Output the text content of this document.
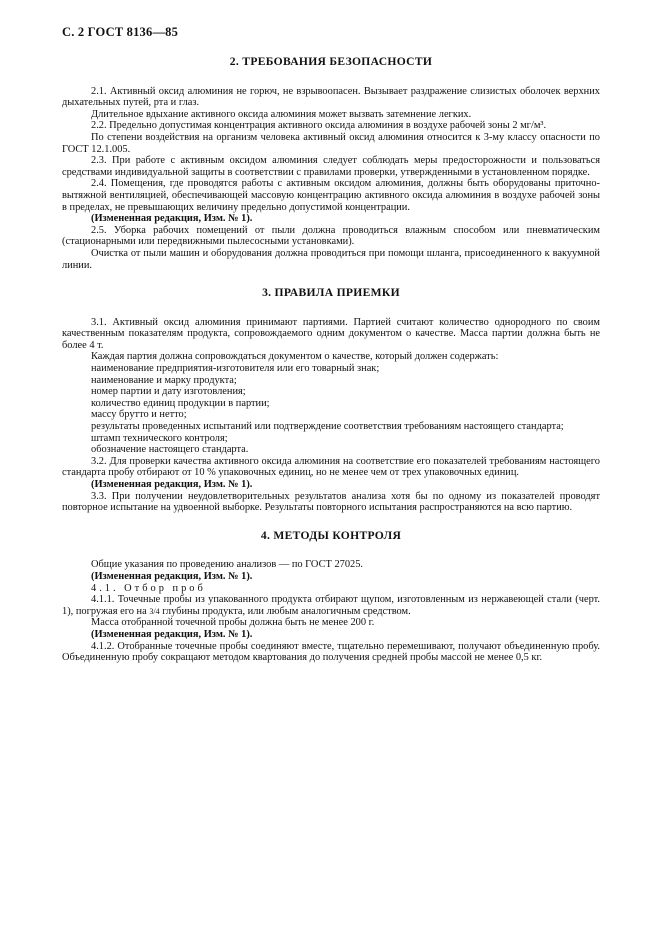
С. 2 ГОСТ 8136—85
2. ТРЕБОВАНИЯ БЕЗОПАСНОСТИ

2.1. Активный оксид алюминия не горюч, не взрывоопасен. Вызывает раздражение слизистых оболочек верхних дыхательных путей, рта и глаз.

Длительное вдыхание активного оксида алюминия может вызвать затемнение легких.

2.2. Предельно допустимая концентрация активного оксида алюминия в воздухе рабочей зоны 2 мг/м³.

По степени воздействия на организм человека активный оксид алюминия относится к 3-му классу опасности по ГОСТ 12.1.005.

2.3. При работе с активным оксидом алюминия следует соблюдать меры предосторожности и пользоваться средствами индивидуальной защиты в соответствии с правилами проверки, утвержденными в установленном порядке.

2.4. Помещения, где проводятся работы с активным оксидом алюминия, должны быть оборудованы приточно-вытяжной вентиляцией, обеспечивающей массовую концентрацию активного оксида алюминия в воздухе рабочей зоны в пределах, не превышающих величину предельно допустимой концентрации.

(Измененная редакция, Изм. № 1).

2.5. Уборка рабочих помещений от пыли должна проводиться влажным способом или пневматическим (стационарными или передвижными пылесосными установками).

Очистка от пыли машин и оборудования должна проводиться при помощи шланга, присоединенного к вакуумной линии.

3. ПРАВИЛА ПРИЕМКИ

3.1. Активный оксид алюминия принимают партиями. Партией считают количество однородного по своим качественным показателям продукта, сопровождаемого одним документом о качестве. Масса партии должна быть не более 4 т.

Каждая партия должна сопровождаться документом о качестве, который должен содержать:

наименование предприятия-изготовителя или его товарный знак;

наименование и марку продукта;

номер партии и дату изготовления;

количество единиц продукции в партии;

массу брутто и нетто;

результаты проведенных испытаний или подтверждение соответствия требованиям настоящего стандарта;

штамп технического контроля;

обозначение настоящего стандарта.

3.2. Для проверки качества активного оксида алюминия на соответствие его показателей требованиям настоящего стандарта пробу отбирают от 10 % упаковочных единиц, но не менее чем от трех упаковочных единиц.

(Измененная редакция, Изм. № 1).

3.3. При получении неудовлетворительных результатов анализа хотя бы по одному из показателей проводят повторное испытание на удвоенной выборке. Результаты повторного испытания распространяются на всю партию.

4. МЕТОДЫ КОНТРОЛЯ

Общие указания по проведению анализов — по ГОСТ 27025.

(Измененная редакция, Изм. № 1).

4.1. Отбор проб

4.1.1. Точечные пробы из упакованного продукта отбирают щупом, изготовленным из нержавеющей стали (черт. 1), погружая его на 3/4 глубины продукта, или любым аналогичным средством.

Масса отобранной точечной пробы должна быть не менее 200 г.

(Измененная редакция, Изм. № 1).

4.1.2. Отобранные точечные пробы соединяют вместе, тщательно перемешивают, получают объединенную пробу. Объединенную пробу сокращают методом квартования до получения средней пробы массой не менее 0,5 кг.
